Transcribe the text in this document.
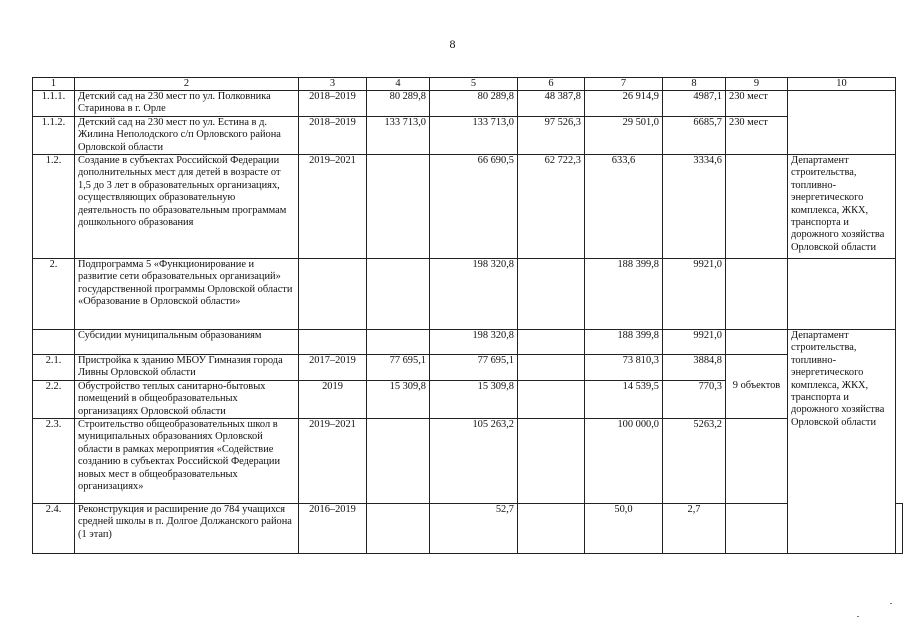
8
1	2	3	4	5	6	7	8	9	10	
1.1.1.	Детский сад на 230 мест по ул. Полковника Старинова в г. Орле	2018–2019	80 289,8	80 289,8	48 387,8	26 914,9	4987,1	230 мест		
1.1.2.	Детский сад на 230 мест по ул. Естина в д. Жилина Неполодского с/п Орловского района Орловской области	2018–2019	133 713,0	133 713,0	97 526,3	29 501,0	6685,7	230 мест		
1.2.	Создание в субъектах Российской Федерации дополнительных мест для детей в возрасте от 1,5 до 3 лет в образовательных организациях, осуществляющих образовательную деятельность по образовательным программам дошкольного образования	2019–2021		66 690,5	62 722,3	633,6	3334,6		Департамент строительства, топливно-энергетического комплекса, ЖКХ, транспорта и дорожного хозяйства Орловской области	
2.	Подпрограмма 5 «Функционирование и развитие сети образовательных организаций» государственной программы Орловской области «Образование в Орловской области»			198 320,8		188 399,8	9921,0			
	Субсидии муниципальным образованиям			198 320,8		188 399,8	9921,0		Департамент строительства, топливно-энергетического комплекса, ЖКХ, транспорта и дорожного хозяйства Орловской области	
2.1.	Пристройка к зданию МБОУ Гимназия города Ливны Орловской области	2017–2019	77 695,1	77 695,1		73 810,3	3884,8			
2.2.	Обустройство теплых санитарно-бытовых помещений в общеобразовательных организациях Орловской области	2019	15 309,8	15 309,8		14 539,5	770,3	9 объектов		
2.3.	Строительство общеобразовательных школ в муниципальных образованиях Орловской области в рамках мероприятия «Содействие созданию в субъектах Российской Федерации новых мест в общеобразовательных организациях»	2019–2021		105 263,2		100 000,0	5263,2			
2.4.	Реконструкция и расширение до 784 учащихся средней школы в п. Долгое Должанского района (1 этап)	2016–2019		52,7		50,0	2,7			
